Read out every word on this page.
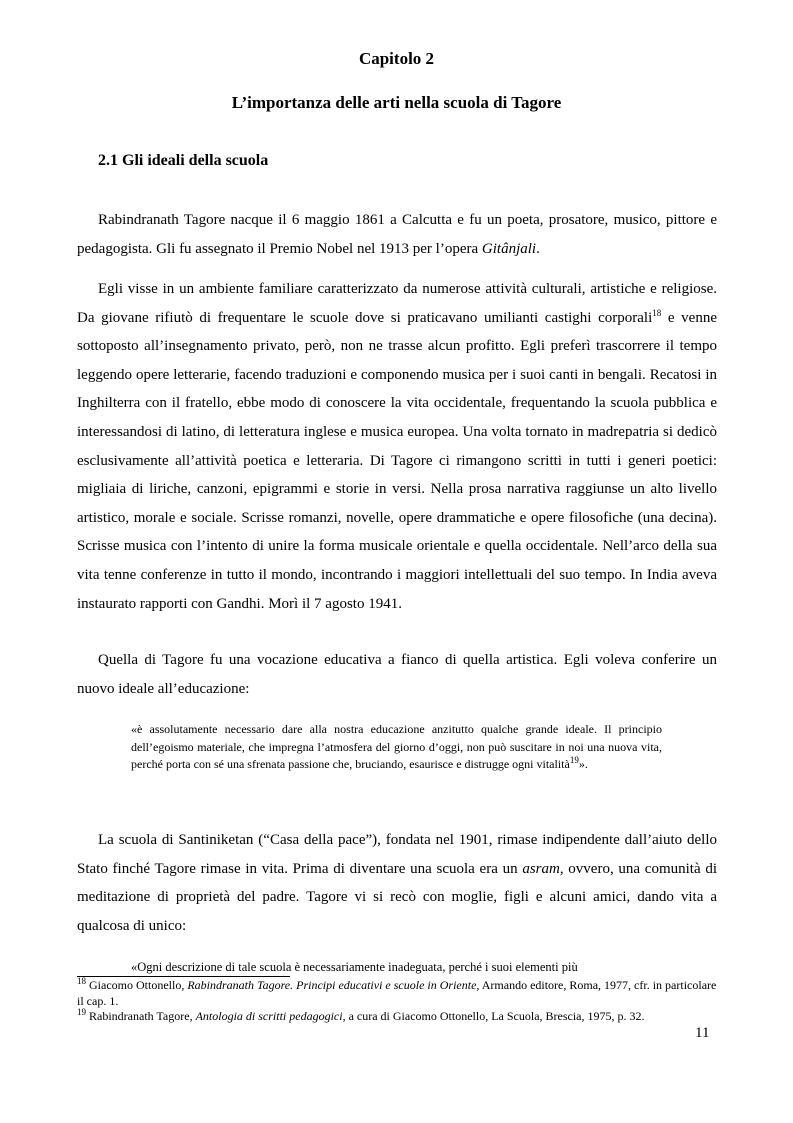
Capitolo 2
L’importanza delle arti nella scuola di Tagore
2.1 Gli ideali della scuola

Rabindranath Tagore nacque il 6 maggio 1861 a Calcutta e fu un poeta, prosatore, musico, pittore e pedagogista. Gli fu assegnato il Premio Nobel nel 1913 per l’opera Gitânjali.

Egli visse in un ambiente familiare caratterizzato da numerose attività culturali, artistiche e religiose. Da giovane rifiutò di frequentare le scuole dove si praticavano umilianti castighi corporali$^{18}$ e venne sottoposto all’insegnamento privato, però, non ne trasse alcun profitto. Egli preferì trascorrere il tempo leggendo opere letterarie, facendo traduzioni e componendo musica per i suoi canti in bengali. Recatosi in Inghilterra con il fratello, ebbe modo di conoscere la vita occidentale, frequentando la scuola pubblica e interessandosi di latino, di letteratura inglese e musica europea. Una volta tornato in madrepatria si dedicò esclusivamente all’attività poetica e letteraria. Di Tagore ci rimangono scritti in tutti i generi poetici: migliaia di liriche, canzoni, epigrammi e storie in versi. Nella prosa narrativa raggiunse un alto livello artistico, morale e sociale. Scrisse romanzi, novelle, opere drammatiche e opere filosofiche (una decina). Scrisse musica con l’intento di unire la forma musicale orientale e quella occidentale. Nell’arco della sua vita tenne conferenze in tutto il mondo, incontrando i maggiori intellettuali del suo tempo. In India aveva instaurato rapporti con Gandhi. Morì il 7 agosto 1941.

Quella di Tagore fu una vocazione educativa a fianco di quella artistica. Egli voleva conferire un nuovo ideale all’educazione:

«è assolutamente necessario dare alla nostra educazione anzitutto qualche grande ideale. Il principio dell’egoismo materiale, che impregna l’atmosfera del giorno d’oggi, non può suscitare in noi una nuova vita, perché porta con sé una sfrenata passione che, bruciando, esaurisce e distrugge ogni vitalità$^{19}$».

La scuola di Santiniketan (“Casa della pace”), fondata nel 1901, rimase indipendente dall’aiuto dello Stato finché Tagore rimase in vita. Prima di diventare una scuola era un asram, ovvero, una comunità di meditazione di proprietà del padre. Tagore vi si recò con moglie, figli e alcuni amici, dando vita a qualcosa di unico:

«Ogni descrizione di tale scuola è necessariamente inadeguata, perché i suoi elementi più

$^{18}$ Giacomo Ottonello, Rabindranath Tagore. Principi educativi e scuole in Oriente, Armando editore, Roma, 1977, cfr. in particolare il cap. 1.

$^{19}$ Rabindranath Tagore, Antologia di scritti pedagogici, a cura di Giacomo Ottonello, La Scuola, Brescia, 1975, p. 32.

11
